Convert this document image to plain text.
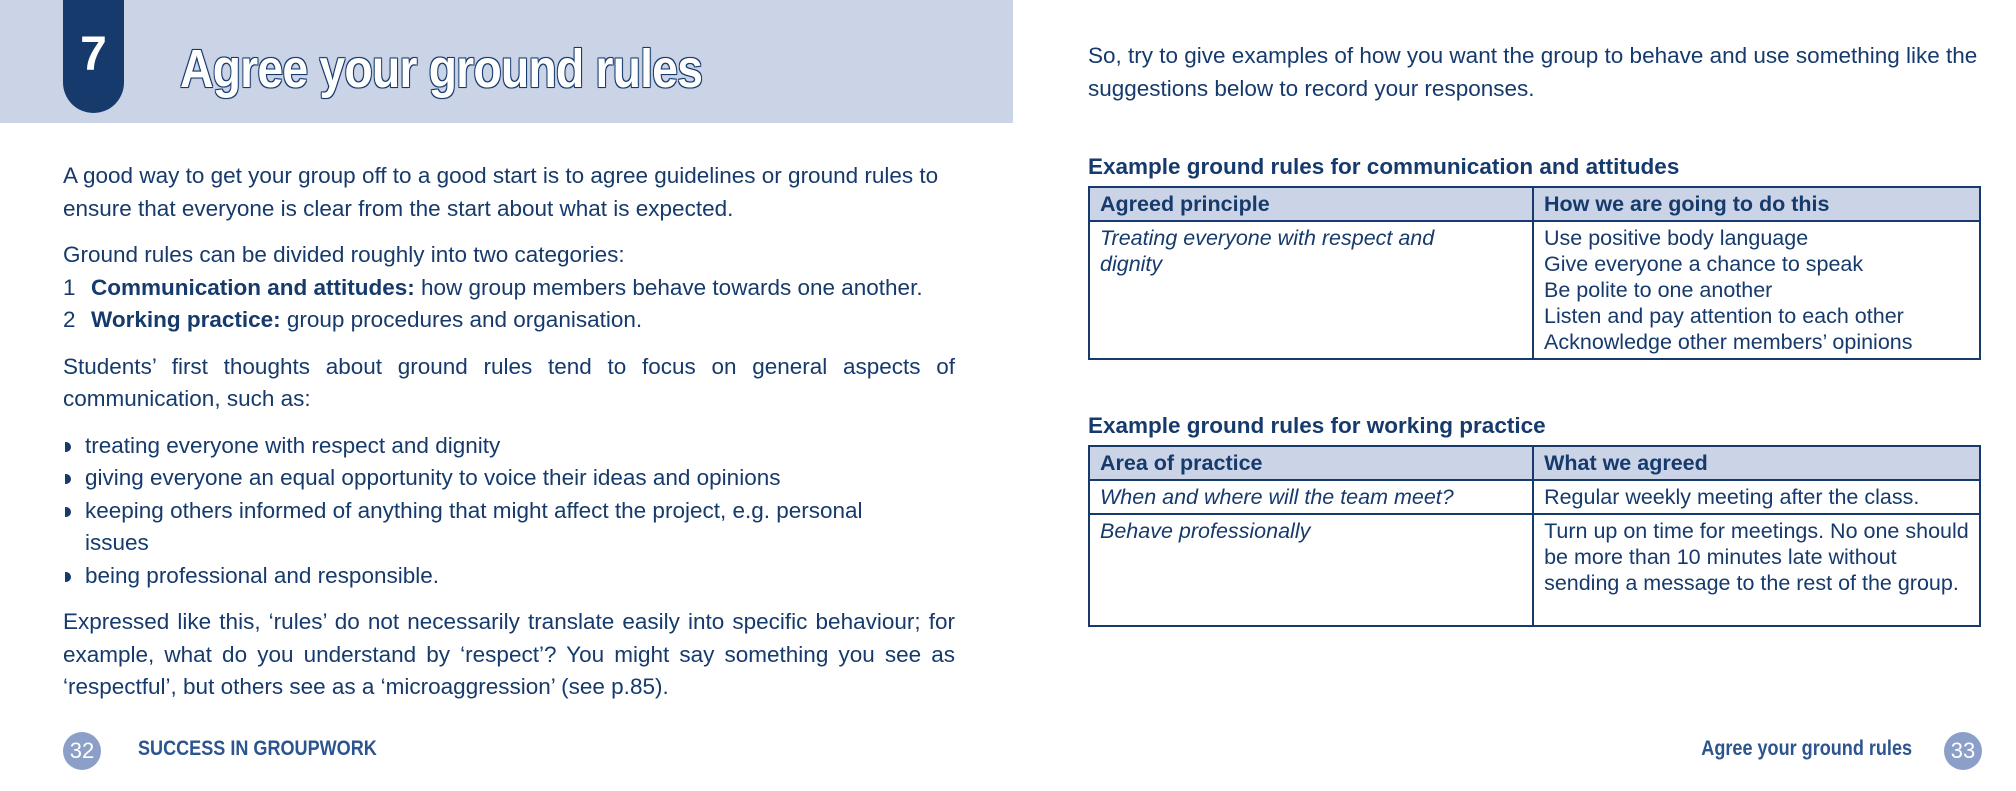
7 Agree your ground rules

A good way to get your group off to a good start is to agree guidelines or ground rules to ensure that everyone is clear from the start about what is expected.

Ground rules can be divided roughly into two categories:

1 Communication and attitudes: how group members behave towards one another.
2 Working practice: group procedures and organisation.

Students’ first thoughts about ground rules tend to focus on general aspects of communication, such as:

treating everyone with respect and dignity
giving everyone an equal opportunity to voice their ideas and opinions
keeping others informed of anything that might affect the project, e.g. personal issues
being professional and responsible.

Expressed like this, ‘rules’ do not necessarily translate easily into specific behaviour; for example, what do you understand by ‘respect’? You might say something you see as ‘respectful’, but others see as a ‘microaggression’ (see p.85).

So, try to give examples of how you want the group to behave and use something like the suggestions below to record your responses.

Example ground rules for communication and attitudes
Agreed principle	How we are going to do this
Treating everyone with respect and dignity	Use positive body language
Give everyone a chance to speak
Be polite to one another
Listen and pay attention to each other
Acknowledge other members’ opinions
Example ground rules for working practice
Area of practice	What we agreed
When and where will the team meet?	Regular weekly meeting after the class.
Behave professionally	Turn up on time for meetings. No one should be more than 10 minutes late without sending a message to the rest of the group.
32	SUCCESS IN GROUPWORK	Agree your ground rules	33
